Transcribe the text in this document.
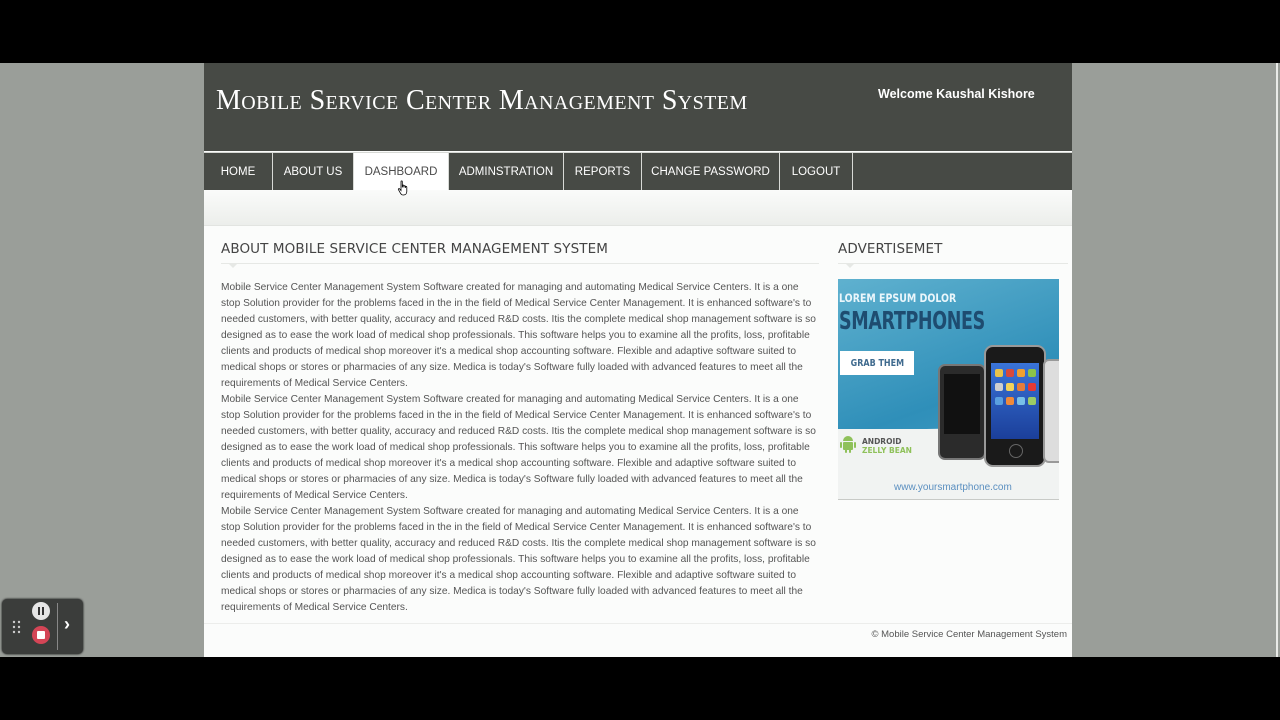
Mobile Service Center Management System	Welcome Kaushal Kishore
HOME ABOUT US DASHBOARD ADMINSTRATION REPORTS CHANGE PASSWORD LOGOUT
ABOUT MOBILE SERVICE CENTER MANAGEMENT SYSTEM

Mobile Service Center Management System Software created for managing and automating Medical Service Centers. It is a one stop Solution provider for the problems faced in the in the field of Medical Service Center Management. It is enhanced software's to needed customers, with better quality, accuracy and reduced R&D costs. Itis the complete medical shop management software is so designed as to ease the work load of medical shop professionals. This software helps you to examine all the profits, loss, profitable clients and products of medical shop moreover it's a medical shop accounting software. Flexible and adaptive software suited to medical shops or stores or pharmacies of any size. Medica is today's Software fully loaded with advanced features to meet all the requirements of Medical Service Centers.

Mobile Service Center Management System Software created for managing and automating Medical Service Centers. It is a one stop Solution provider for the problems faced in the in the field of Medical Service Center Management. It is enhanced software's to needed customers, with better quality, accuracy and reduced R&D costs. Itis the complete medical shop management software is so designed as to ease the work load of medical shop professionals. This software helps you to examine all the profits, loss, profitable clients and products of medical shop moreover it's a medical shop accounting software. Flexible and adaptive software suited to medical shops or stores or pharmacies of any size. Medica is today's Software fully loaded with advanced features to meet all the requirements of Medical Service Centers.

Mobile Service Center Management System Software created for managing and automating Medical Service Centers. It is a one stop Solution provider for the problems faced in the in the field of Medical Service Center Management. It is enhanced software's to needed customers, with better quality, accuracy and reduced R&D costs. Itis the complete medical shop management software is so designed as to ease the work load of medical shop professionals. This software helps you to examine all the profits, loss, profitable clients and products of medical shop moreover it's a medical shop accounting software. Flexible and adaptive software suited to medical shops or stores or pharmacies of any size. Medica is today's Software fully loaded with advanced features to meet all the requirements of Medical Service Centers.

ADVERTISEMET
LOREM EPSUM DOLOR
SMARTPHONES
GRAB THEM
ANDROID
ZELLY BEAN
www.yoursmartphone.com
© Mobile Service Center Management System
›
